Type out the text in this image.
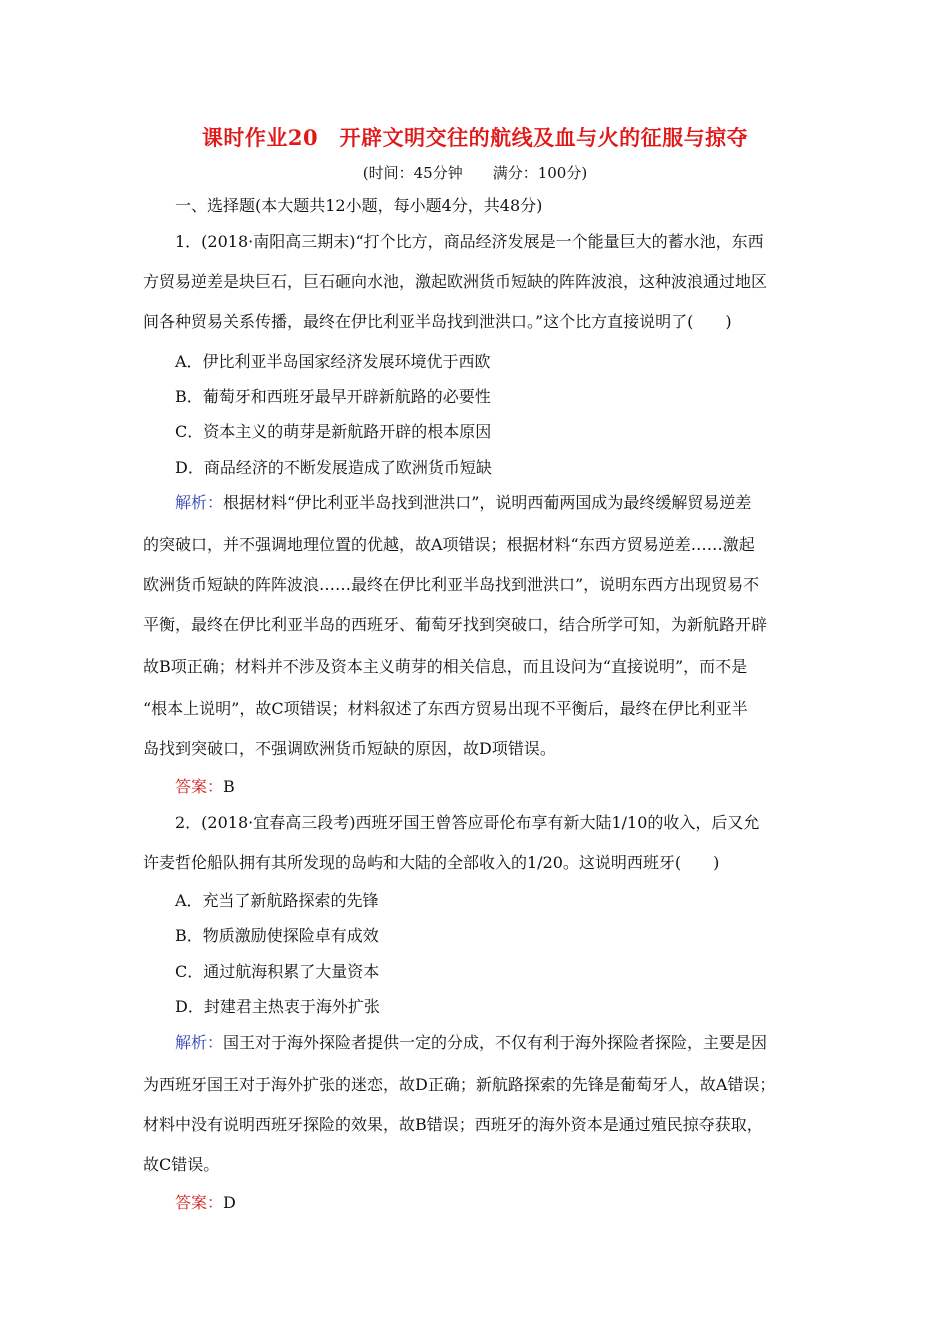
课时作业20　开辟文明交往的航线及血与火的征服与掠夺
(时间：45分钟　　满分：100分)
一、选择题(本大题共12小题，每小题4分，共48分)
1．(2018·南阳高三期末)“打个比方，商品经济发展是一个能量巨大的蓄水池，东西
方贸易逆差是块巨石，巨石砸向水池，激起欧洲货币短缺的阵阵波浪，这种波浪通过地区
间各种贸易关系传播，最终在伊比利亚半岛找到泄洪口。”这个比方直接说明了(　　)
A．伊比利亚半岛国家经济发展环境优于西欧
B．葡萄牙和西班牙最早开辟新航路的必要性
C．资本主义的萌芽是新航路开辟的根本原因
D．商品经济的不断发展造成了欧洲货币短缺
解析：根据材料“伊比利亚半岛找到泄洪口”，说明西葡两国成为最终缓解贸易逆差
的突破口，并不强调地理位置的优越，故A项错误；根据材料“东西方贸易逆差……激起
欧洲货币短缺的阵阵波浪……最终在伊比利亚半岛找到泄洪口”，说明东西方出现贸易不
平衡，最终在伊比利亚半岛的西班牙、葡萄牙找到突破口，结合所学可知，为新航路开辟
故B项正确；材料并不涉及资本主义萌芽的相关信息，而且设问为“直接说明”，而不是
“根本上说明”，故C项错误；材料叙述了东西方贸易出现不平衡后，最终在伊比利亚半
岛找到突破口，不强调欧洲货币短缺的原因，故D项错误。
答案：B
2．(2018·宜春高三段考)西班牙国王曾答应哥伦布享有新大陆1/10的收入，后又允
许麦哲伦船队拥有其所发现的岛屿和大陆的全部收入的1/20。这说明西班牙(　　)
A．充当了新航路探索的先锋
B．物质激励使探险卓有成效
C．通过航海积累了大量资本
D．封建君主热衷于海外扩张
解析：国王对于海外探险者提供一定的分成，不仅有利于海外探险者探险，主要是因
为西班牙国王对于海外扩张的迷恋，故D正确；新航路探索的先锋是葡萄牙人，故A错误；
材料中没有说明西班牙探险的效果，故B错误；西班牙的海外资本是通过殖民掠夺获取，
故C错误。
答案：D
